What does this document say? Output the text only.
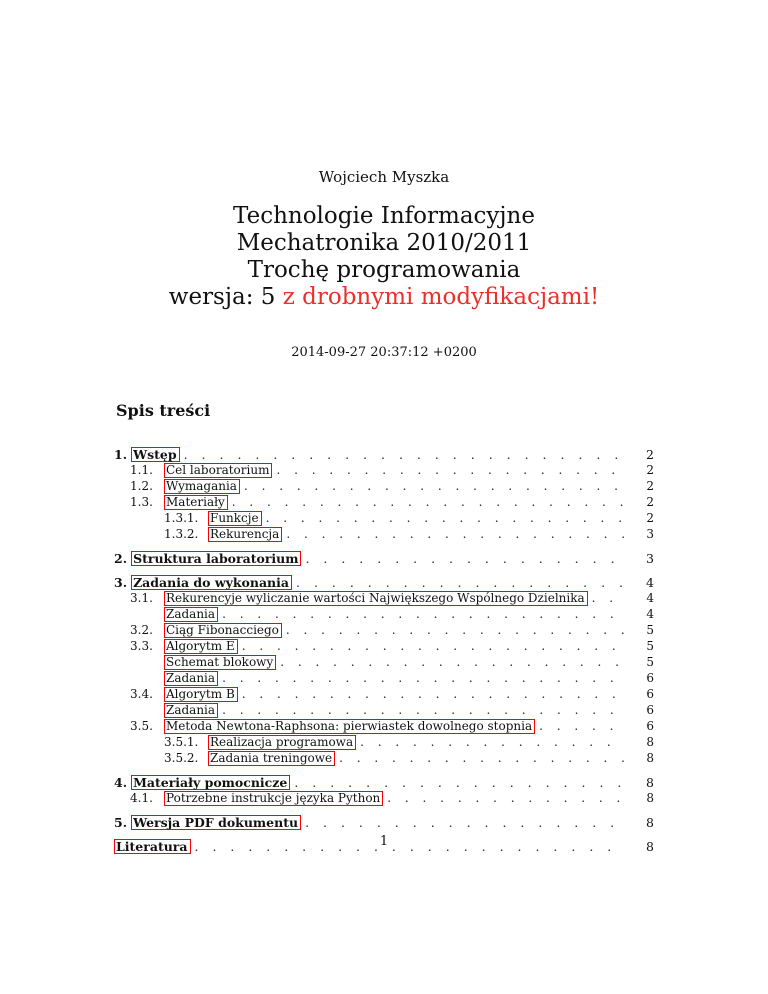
Wojciech Myszka
Technologie Informacyjne
Mechatronika 2010/2011
Trochę programowania
wersja: 5 z drobnymi modyfikacjami!
2014-09-27 20:37:12 +0200
Spis treści
1. Wstęp . . .	2
1.1.	Cel laboratorium . . .	2
1.2.	Wymagania . . .	2
1.3.	Materiały . . .	2
1.3.1. Funkcje . . .	2
1.3.2. Rekurencja . . .	3
2. Struktura laboratorium . . .	3
3. Zadania do wykonania . . .	4
3.1.	Rekurencyje wyliczanie wartości Największego Wspólnego Dzielnika . . .	4
Zadania . . .	4
3.2.	Ciąg Fibonacciego . . .	5
3.3.	Algorytm E . . .	5
Schemat blokowy . . .	5
Zadania . . .	6
3.4.	Algorytm B . . .	6
Zadania . . .	6
3.5.	Metoda Newtona-Raphsona: pierwiastek dowolnego stopnia . . .	6
3.5.1. Realizacja programowa . . .	8
3.5.2. Zadania treningowe . . .	8
4. Materiały pomocnicze . . .	8
4.1.	Potrzebne instrukcje języka Python . . .	8
5. Wersja PDF dokumentu . . .	8
Literatura . . .	8
1
